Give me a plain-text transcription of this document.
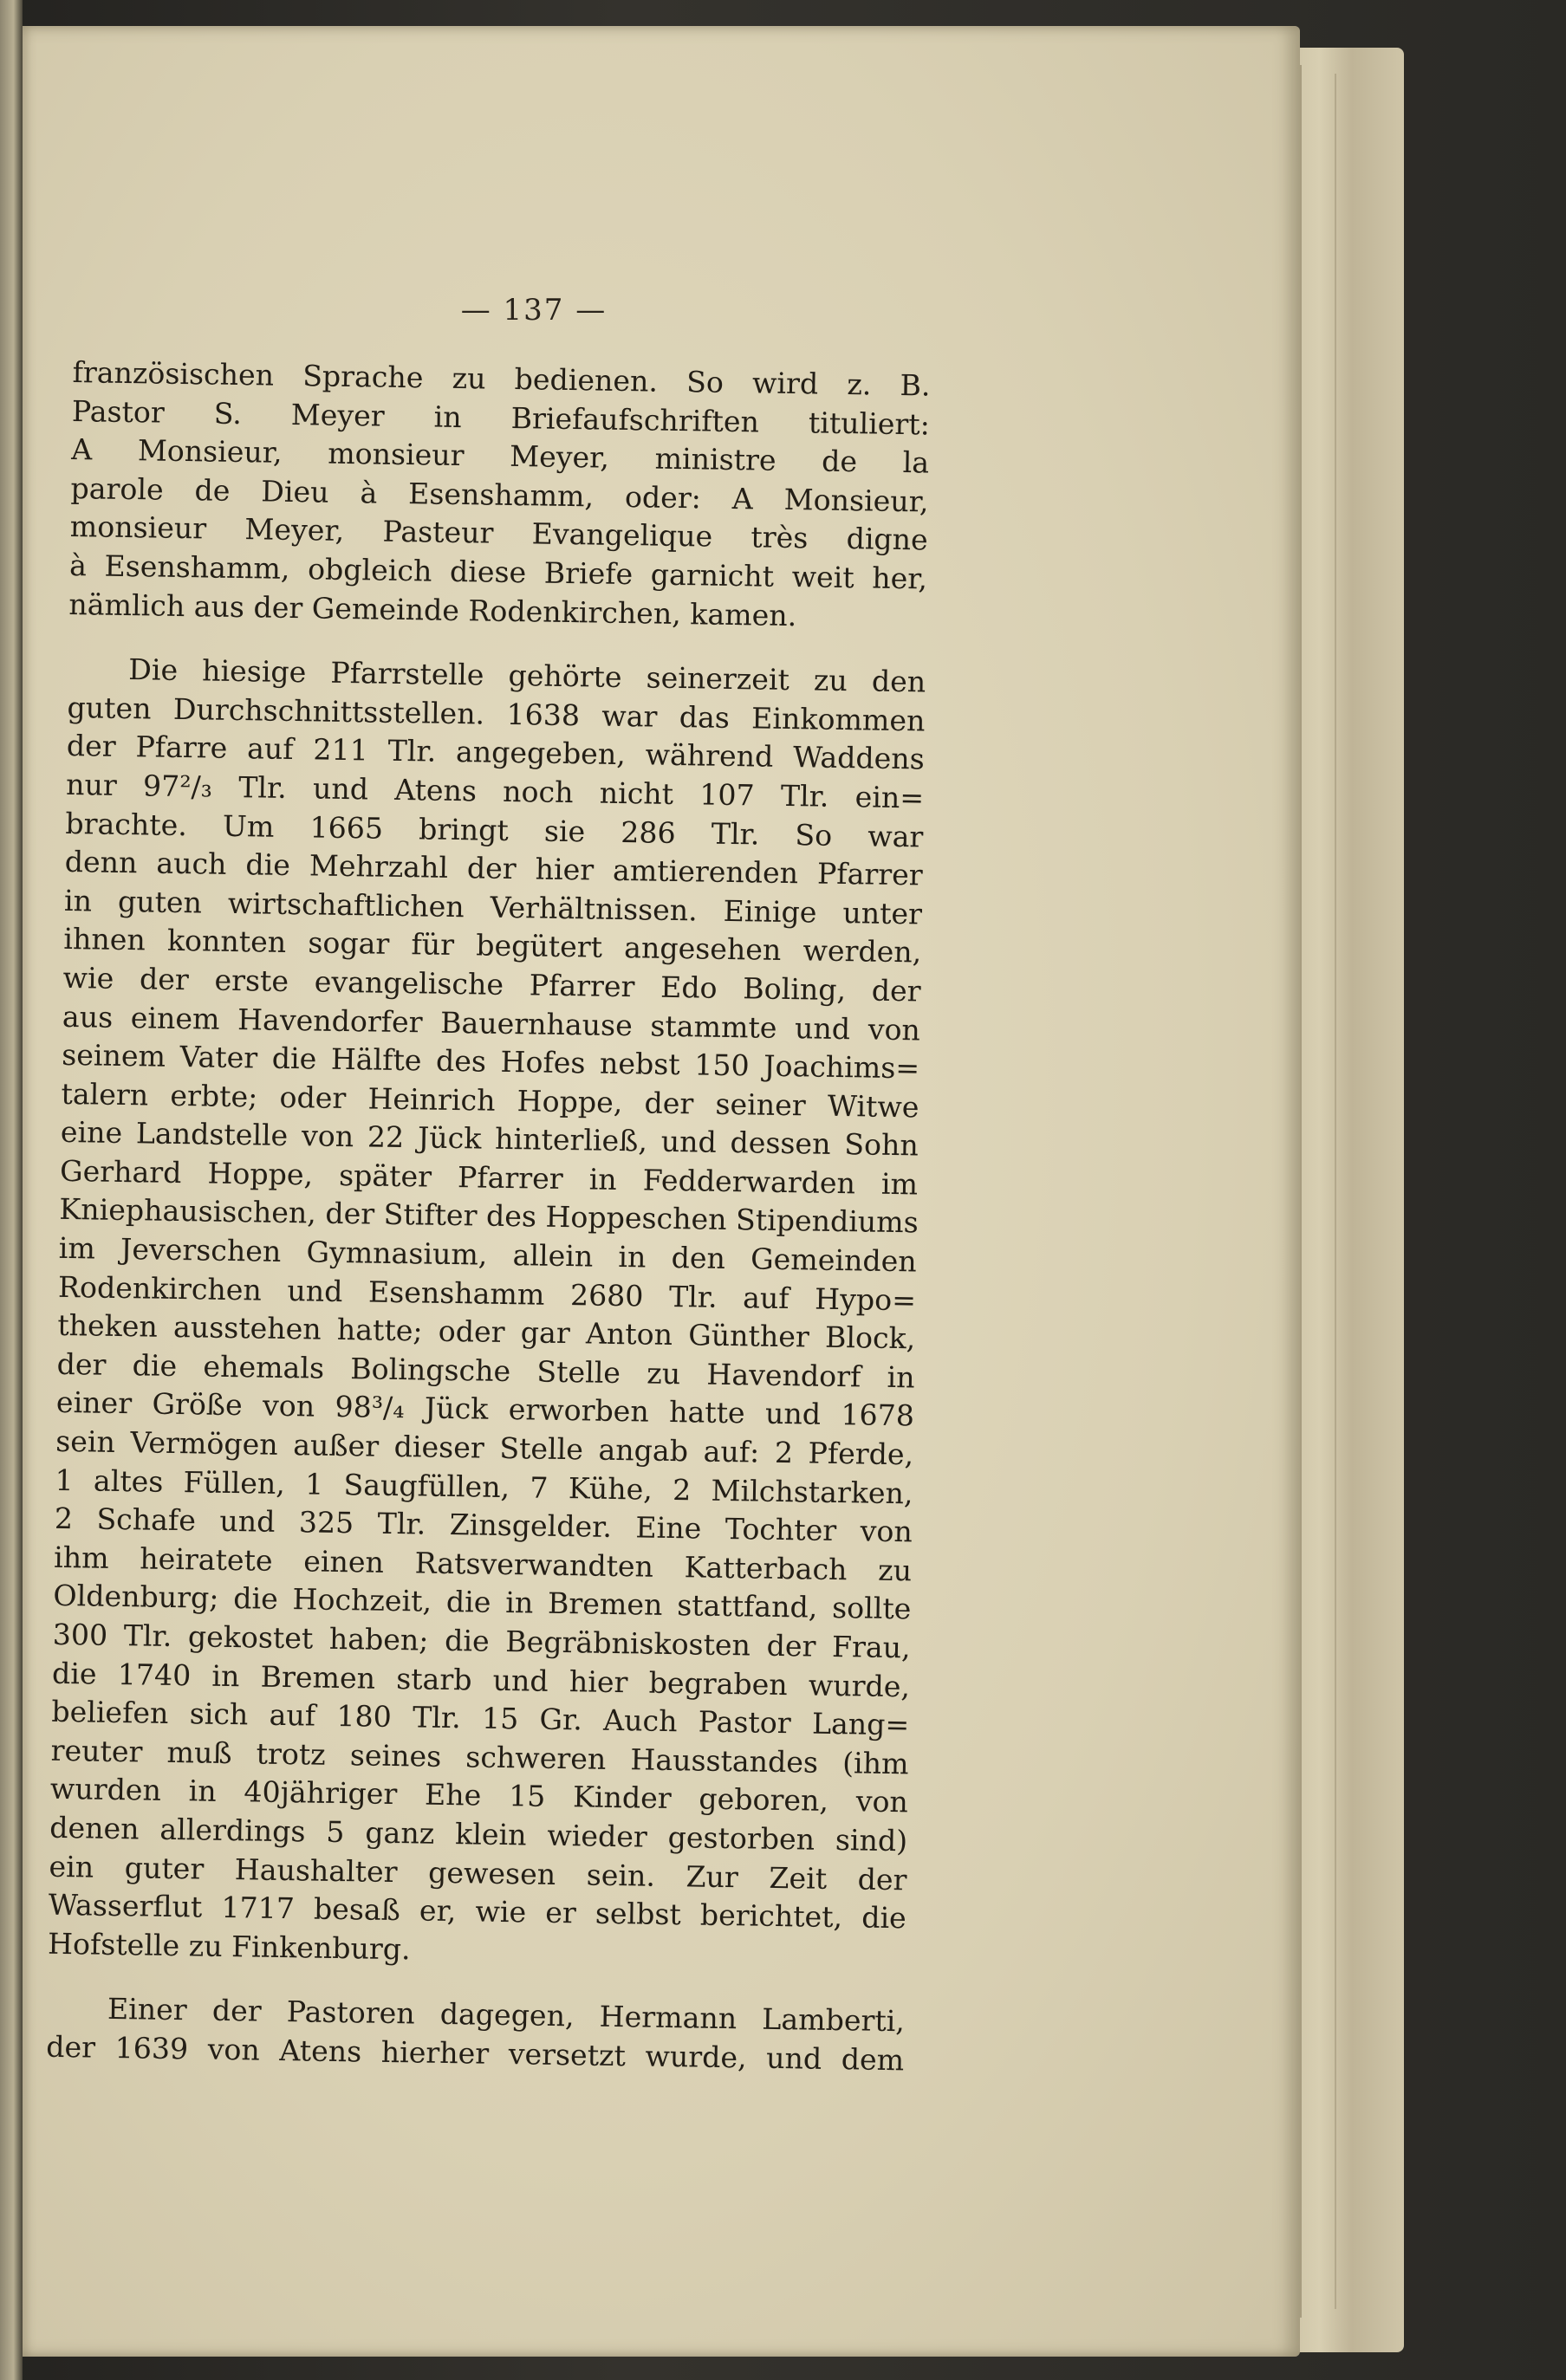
— 137 —
französischen Sprache zu bedienen. So wird z. B.
Pastor S. Meyer in Briefaufschriften tituliert:
A Monsieur, monsieur Meyer, ministre de la
parole de Dieu à Esenshamm, oder: A Monsieur,
monsieur Meyer, Pasteur Evangelique très digne
à Esenshamm, obgleich diese Briefe garnicht weit her,
nämlich aus der Gemeinde Rodenkirchen, kamen.
Die hiesige Pfarrstelle gehörte seinerzeit zu den
guten Durchschnittsstellen. 1638 war das Einkommen
der Pfarre auf 211 Tlr. angegeben, während Waddens
nur 97²/₃ Tlr. und Atens noch nicht 107 Tlr. ein=
brachte. Um 1665 bringt sie 286 Tlr. So war
denn auch die Mehrzahl der hier amtierenden Pfarrer
in guten wirtschaftlichen Verhältnissen. Einige unter
ihnen konnten sogar für begütert angesehen werden,
wie der erste evangelische Pfarrer Edo Boling, der
aus einem Havendorfer Bauernhause stammte und von
seinem Vater die Hälfte des Hofes nebst 150 Joachims=
talern erbte; oder Heinrich Hoppe, der seiner Witwe
eine Landstelle von 22 Jück hinterließ, und dessen Sohn
Gerhard Hoppe, später Pfarrer in Fedderwarden im
Kniephausischen, der Stifter des Hoppeschen Stipendiums
im Jeverschen Gymnasium, allein in den Gemeinden
Rodenkirchen und Esenshamm 2680 Tlr. auf Hypo=
theken ausstehen hatte; oder gar Anton Günther Block,
der die ehemals Bolingsche Stelle zu Havendorf in
einer Größe von 98³/₄ Jück erworben hatte und 1678
sein Vermögen außer dieser Stelle angab auf: 2 Pferde,
1 altes Füllen, 1 Saugfüllen, 7 Kühe, 2 Milchstarken,
2 Schafe und 325 Tlr. Zinsgelder. Eine Tochter von
ihm heiratete einen Ratsverwandten Katterbach zu
Oldenburg; die Hochzeit, die in Bremen stattfand, sollte
300 Tlr. gekostet haben; die Begräbniskosten der Frau,
die 1740 in Bremen starb und hier begraben wurde,
beliefen sich auf 180 Tlr. 15 Gr. Auch Pastor Lang=
reuter muß trotz seines schweren Hausstandes (ihm
wurden in 40jähriger Ehe 15 Kinder geboren, von
denen allerdings 5 ganz klein wieder gestorben sind)
ein guter Haushalter gewesen sein. Zur Zeit der
Wasserflut 1717 besaß er, wie er selbst berichtet, die
Hofstelle zu Finkenburg.
Einer der Pastoren dagegen, Hermann Lamberti,
der 1639 von Atens hierher versetzt wurde, und dem
